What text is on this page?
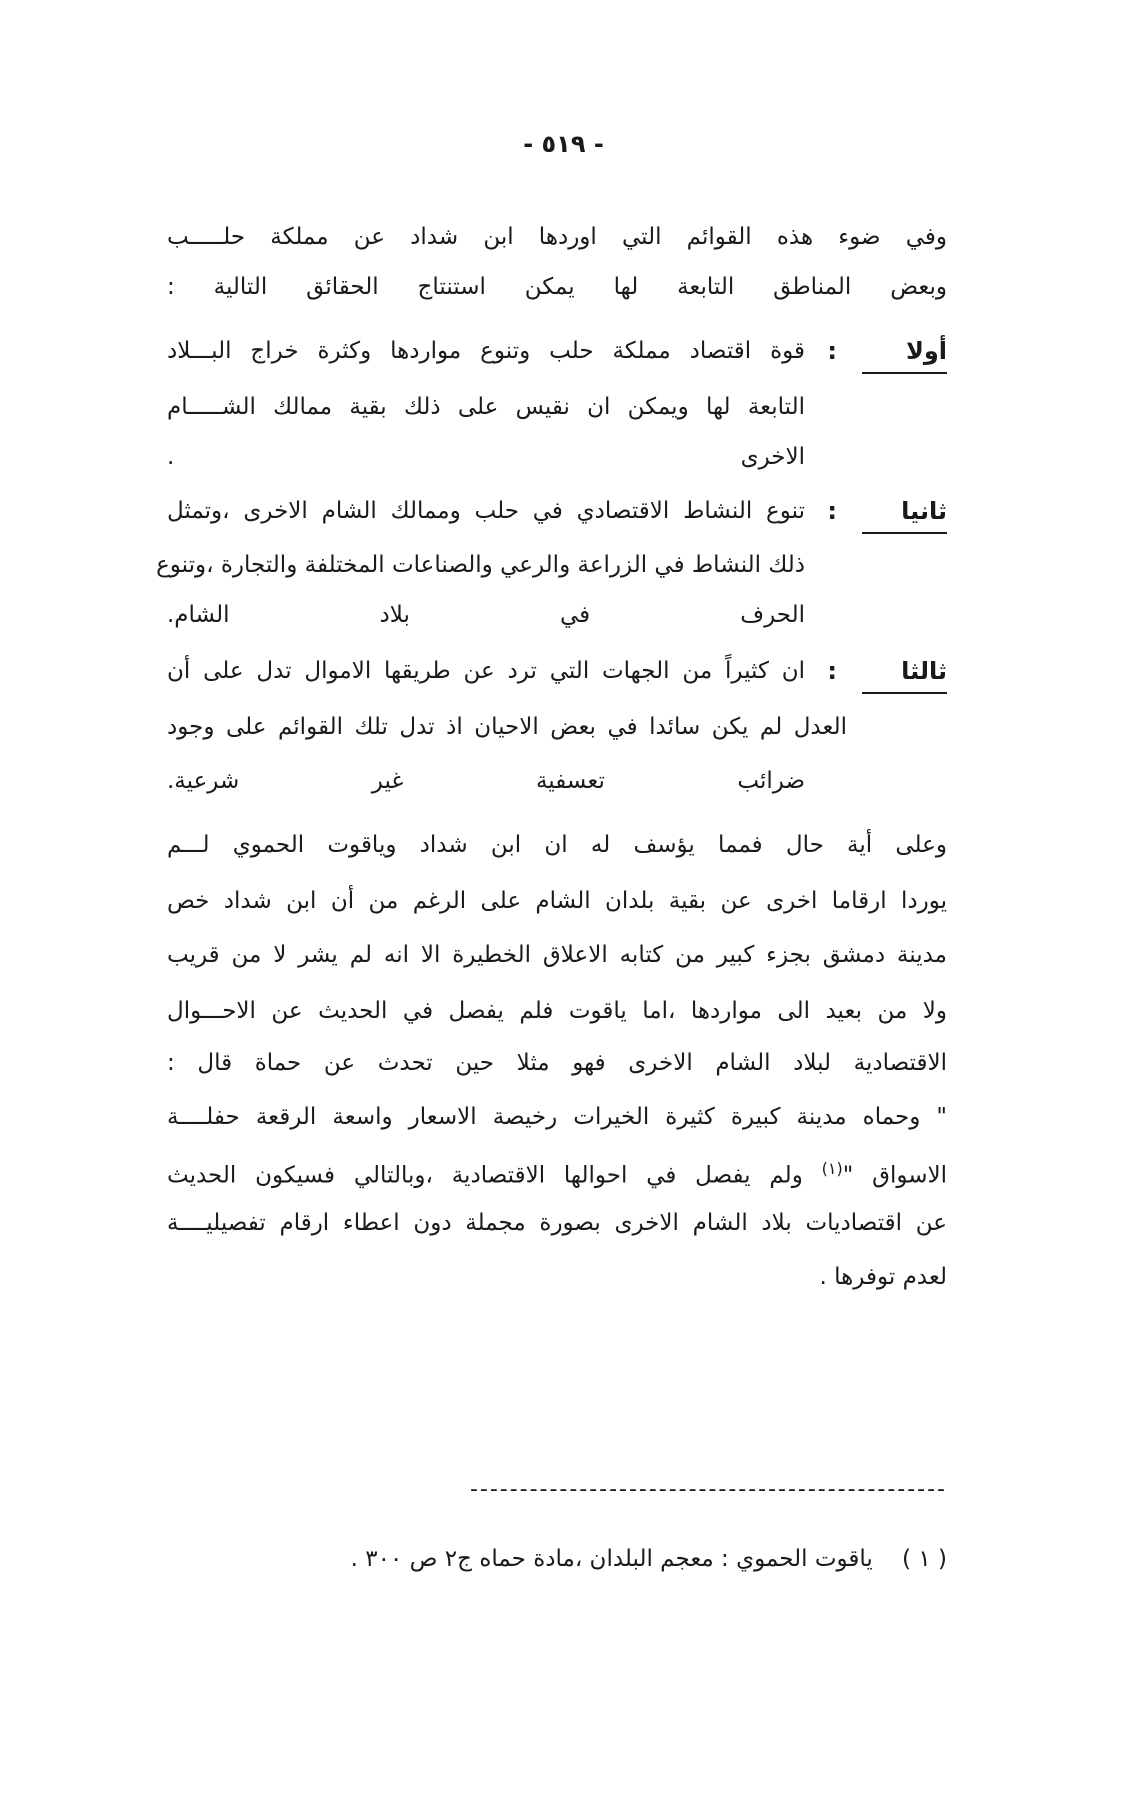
- ٥١٩ -
وفي ضوء هذه القوائم التي اوردها ابن شداد عن مملكة حلـــــب
وبعض المناطق التابعة لها يمكن استنتاج الحقائق التالية :
أولا
:
قوة اقتصاد مملكة حلب وتنوع مواردها وكثرة خراج البـــلاد
التابعة لها ويمكن ان نقيس على ذلك بقية ممالك الشـــــام
الاخرى .
ثانيا
:
تنوع النشاط الاقتصادي في حلب وممالك الشام الاخرى ،وتمثل
ذلك النشاط في الزراعة والرعي والصناعات المختلفة والتجارة ،وتنوع
الحرف في بلاد الشام.
ثالثا
:
ان كثيراً من الجهات التي ترد عن طريقها الاموال تدل على أن
العدل لم يكن سائدا في بعض الاحيان اذ تدل تلك القوائم على وجود
ضرائب تعسفية غير شرعية.
وعلى أية حال فمما يؤسف له ان ابن شداد وياقوت الحموي لـــم
يوردا ارقاما اخرى عن بقية بلدان الشام على الرغم من أن ابن شداد خص
مدينة دمشق بجزء كبير من كتابه الاعلاق الخطيرة الا انه لم يشر لا من قريب
ولا من بعيد الى مواردها ،اما ياقوت فلم يفصل في الحديث عن الاحـــوال
الاقتصادية لبلاد الشام الاخرى فهو مثلا حين تحدث عن حماة قال :
" وحماه مدينة كبيرة كثيرة الخيرات رخيصة الاسعار واسعة الرقعة حفلــــة
الاسواق "$^{(١)}$ ولم يفصل في احوالها الاقتصادية ،وبالتالي فسيكون الحديث
عن اقتصاديات بلاد الشام الاخرى بصورة مجملة دون اعطاء ارقام تفصيليــــة
لعدم توفرها .
------------------------------------------------
( ١ )    ياقوت الحموي : معجم البلدان ،مادة حماه ج٢ ص ٣٠٠ .
